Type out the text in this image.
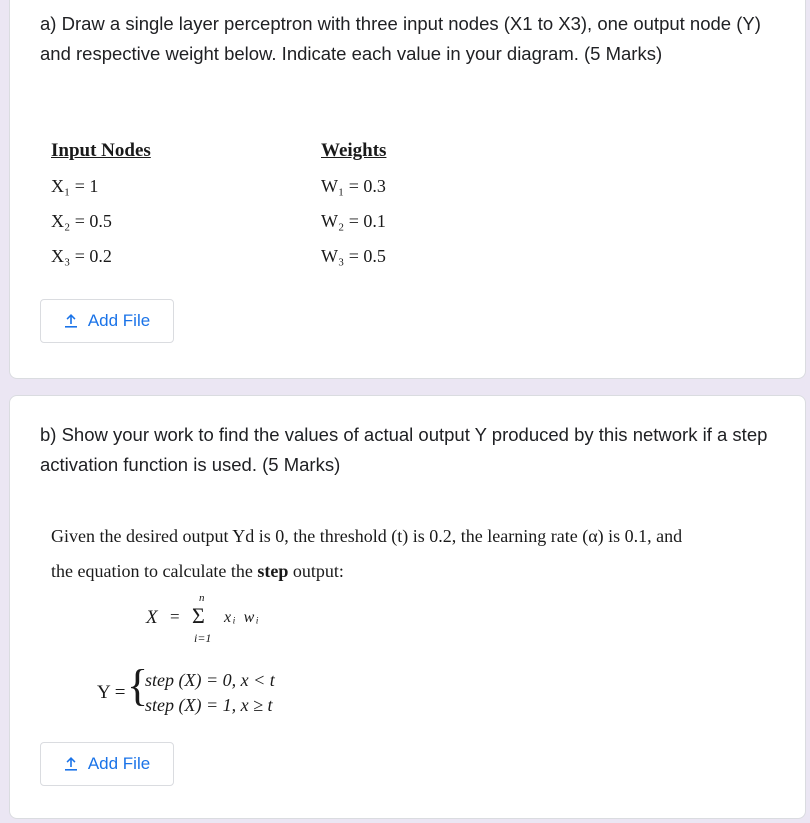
a) Draw a single layer perceptron with three input nodes (X1 to X3), one output node (Y) and respective weight below. Indicate each value in your diagram. (5 Marks)
Input Nodes	Weights
X₁ = 1	W₁ = 0.3
X₂ = 0.5	W₂ = 0.1
X₃ = 0.2	W₃ = 0.5
Add File
b) Show your work to find the values of actual output Y produced by this network if a step activation function is used. (5 Marks)
Given the desired output Yd is 0, the threshold (t) is 0.2, the learning rate (α) is 0.1, and
the equation to calculate the step output:
X =
n
Σ
i=1
xᵢ wᵢ
Y = {
step (X) = 0, x < t
step (X) = 1, x ≥ t
Add File
